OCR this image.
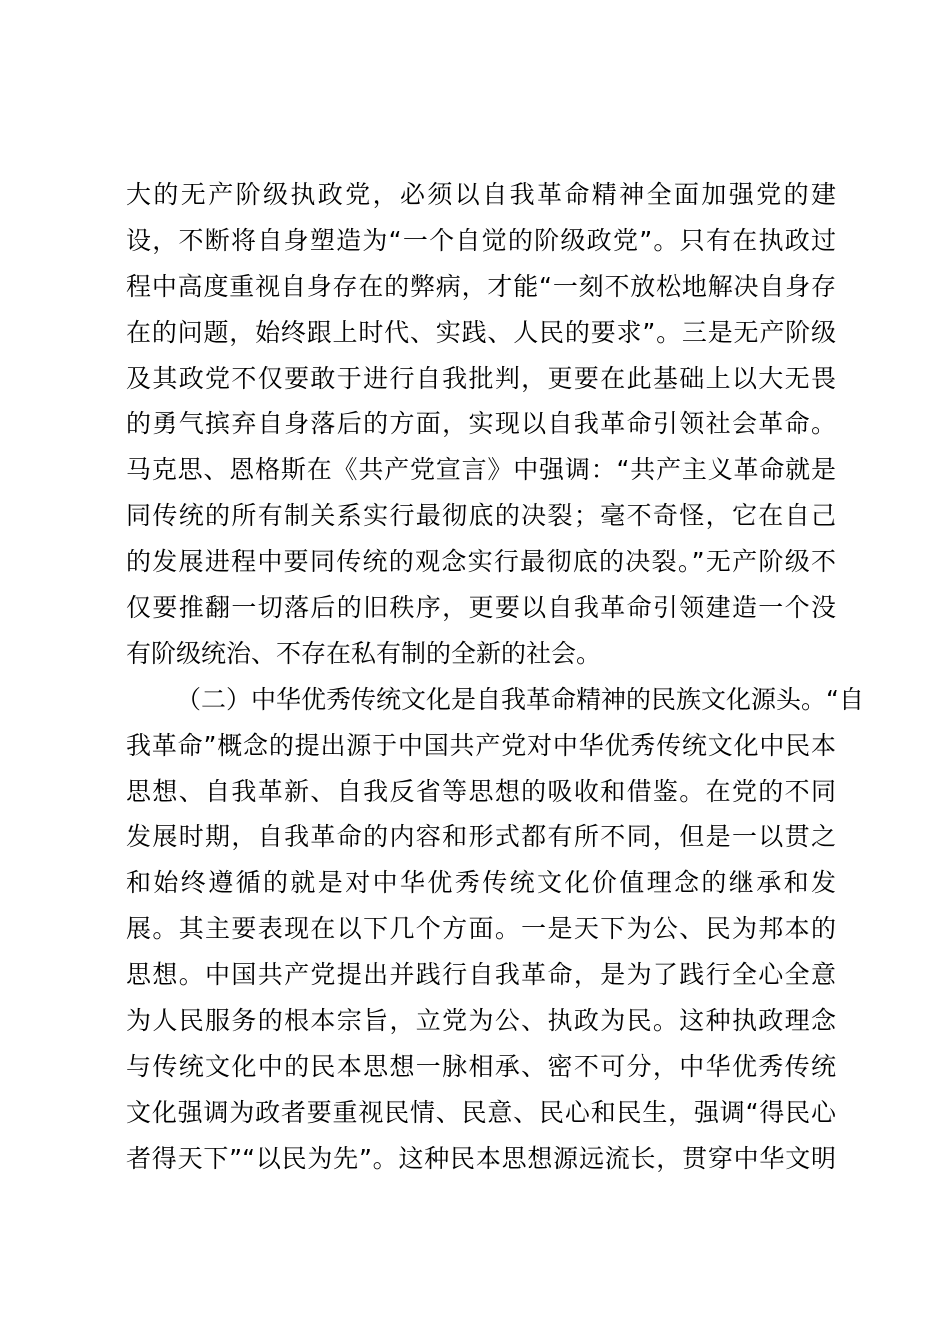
大的无产阶级执政党，必须以自我革命精神全面加强党的建
设，不断将自身塑造为“一个自觉的阶级政党”。只有在执政过
程中高度重视自身存在的弊病，才能“一刻不放松地解决自身存
在的问题，始终跟上时代、实践、人民的要求”。三是无产阶级
及其政党不仅要敢于进行自我批判，更要在此基础上以大无畏
的勇气摈弃自身落后的方面，实现以自我革命引领社会革命。
马克思、恩格斯在《共产党宣言》中强调：“共产主义革命就是
同传统的所有制关系实行最彻底的决裂；毫不奇怪，它在自己
的发展进程中要同传统的观念实行最彻底的决裂。”无产阶级不
仅要推翻一切落后的旧秩序，更要以自我革命引领建造一个没
有阶级统治、不存在私有制的全新的社会。
（二）中华优秀传统文化是自我革命精神的民族文化源头。“自
我革命”概念的提出源于中国共产党对中华优秀传统文化中民本
思想、自我革新、自我反省等思想的吸收和借鉴。在党的不同
发展时期，自我革命的内容和形式都有所不同，但是一以贯之
和始终遵循的就是对中华优秀传统文化价值理念的继承和发
展。其主要表现在以下几个方面。一是天下为公、民为邦本的
思想。中国共产党提出并践行自我革命，是为了践行全心全意
为人民服务的根本宗旨，立党为公、执政为民。这种执政理念
与传统文化中的民本思想一脉相承、密不可分，中华优秀传统
文化强调为政者要重视民情、民意、民心和民生，强调“得民心
者得天下”“以民为先”。这种民本思想源远流长，贯穿中华文明
